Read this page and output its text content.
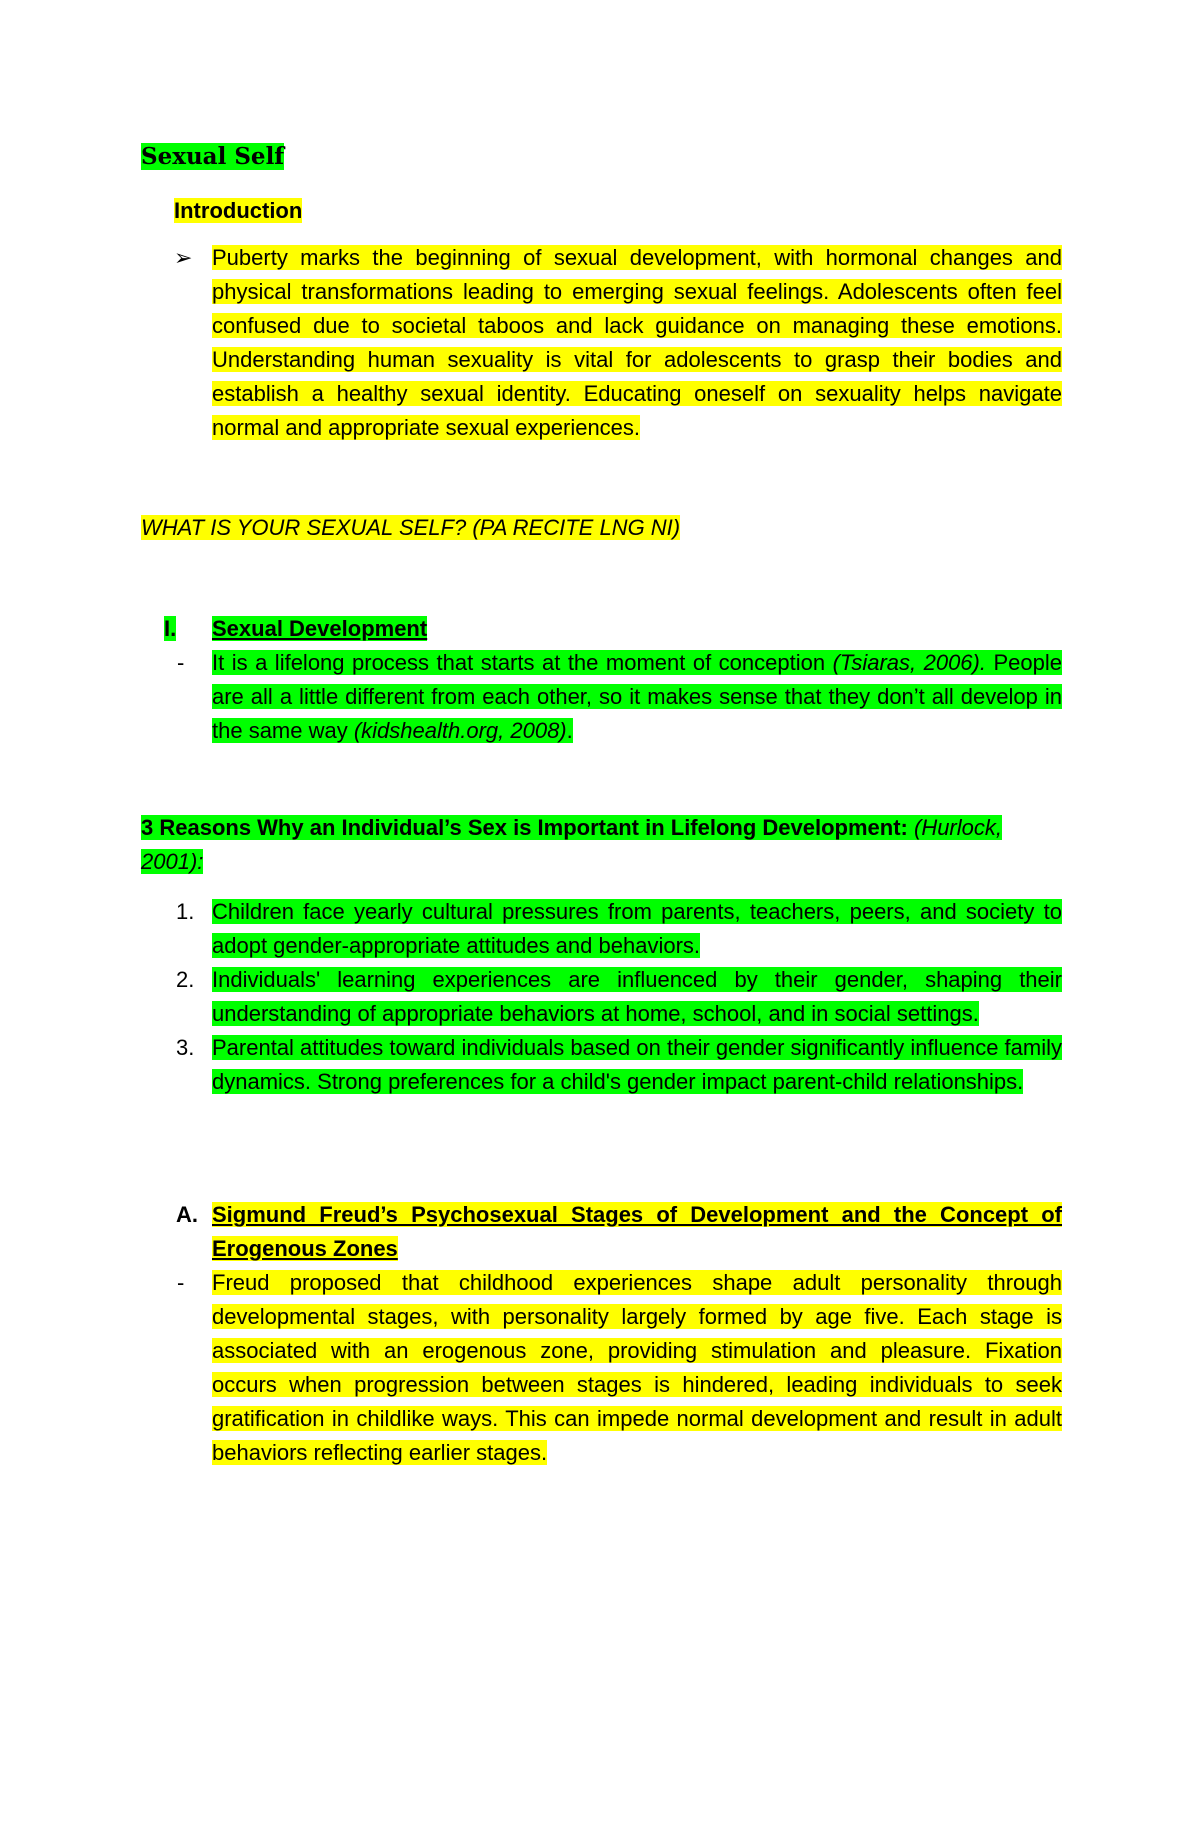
Sexual Self
Introduction
➢ Puberty marks the beginning of sexual development, with hormonal changes and physical transformations leading to emerging sexual feelings. Adolescents often feel confused due to societal taboos and lack guidance on managing these emotions. Understanding human sexuality is vital for adolescents to grasp their bodies and establish a healthy sexual identity. Educating oneself on sexuality helps navigate normal and appropriate sexual experiences.
WHAT IS YOUR SEXUAL SELF? (PA RECITE LNG NI)
I. Sexual Development
- It is a lifelong process that starts at the moment of conception (Tsiaras, 2006). People are all a little different from each other, so it makes sense that they don’t all develop in the same way (kidshealth.org, 2008).
3 Reasons Why an Individual’s Sex is Important in Lifelong Development: (Hurlock, 2001):
1. Children face yearly cultural pressures from parents, teachers, peers, and society to adopt gender-appropriate attitudes and behaviors.
2. Individuals' learning experiences are influenced by their gender, shaping their understanding of appropriate behaviors at home, school, and in social settings.
3. Parental attitudes toward individuals based on their gender significantly influence family dynamics. Strong preferences for a child's gender impact parent-child relationships.
A. Sigmund Freud’s Psychosexual Stages of Development and the Concept of Erogenous Zones
- Freud proposed that childhood experiences shape adult personality through developmental stages, with personality largely formed by age five. Each stage is associated with an erogenous zone, providing stimulation and pleasure. Fixation occurs when progression between stages is hindered, leading individuals to seek gratification in childlike ways. This can impede normal development and result in adult behaviors reflecting earlier stages.
